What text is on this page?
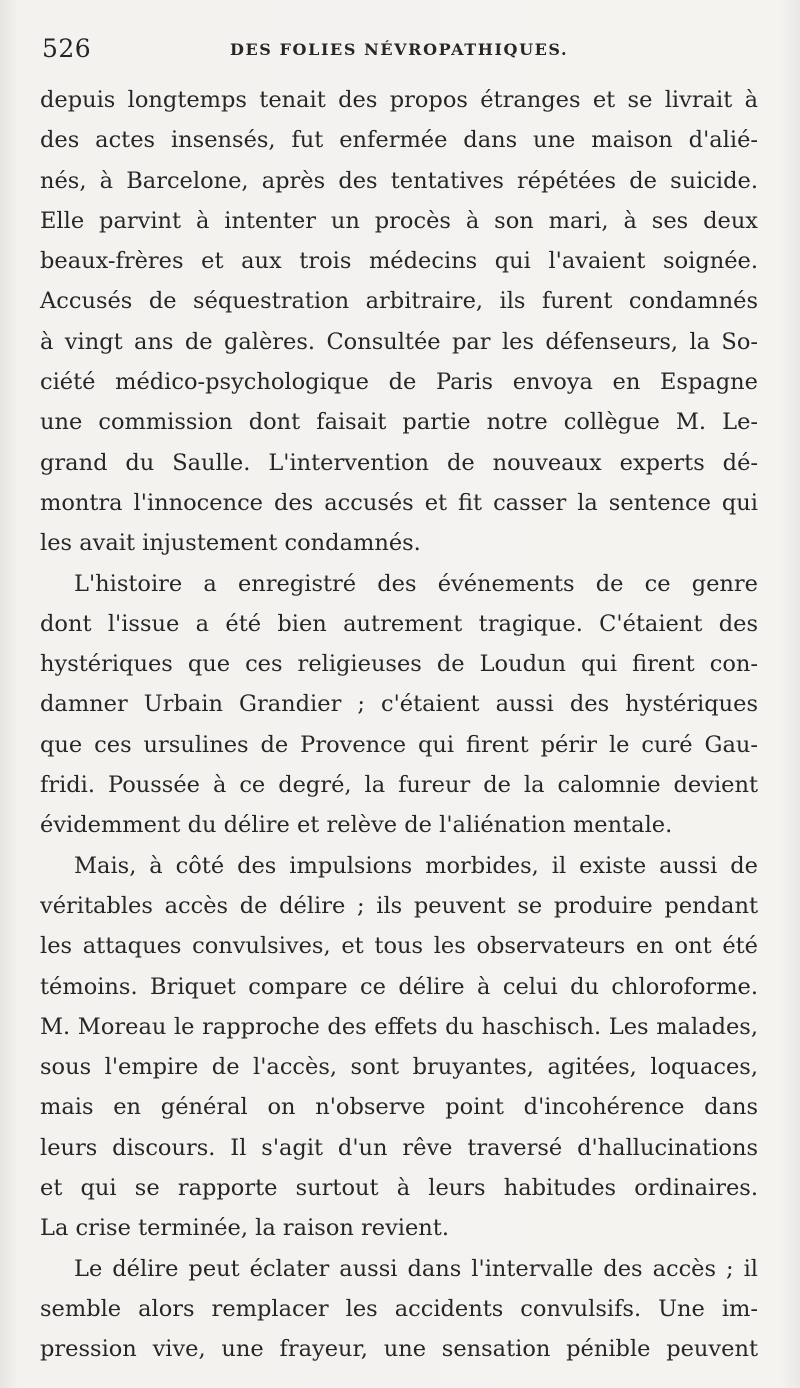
526	DES FOLIES NÉVROPATHIQUES.
depuis longtemps tenait des propos étranges et se livrait à
des actes insensés, fut enfermée dans une maison d'alié-
nés, à Barcelone, après des tentatives répétées de suicide.
Elle parvint à intenter un procès à son mari, à ses deux
beaux-frères et aux trois médecins qui l'avaient soignée.
Accusés de séquestration arbitraire, ils furent condamnés
à vingt ans de galères. Consultée par les défenseurs, la So-
ciété médico-psychologique de Paris envoya en Espagne
une commission dont faisait partie notre collègue M. Le-
grand du Saulle. L'intervention de nouveaux experts dé-
montra l'innocence des accusés et fit casser la sentence qui
les avait injustement condamnés.
L'histoire a enregistré des événements de ce genre
dont l'issue a été bien autrement tragique. C'étaient des
hystériques que ces religieuses de Loudun qui firent con-
damner Urbain Grandier ; c'étaient aussi des hystériques
que ces ursulines de Provence qui firent périr le curé Gau-
fridi. Poussée à ce degré, la fureur de la calomnie devient
évidemment du délire et relève de l'aliénation mentale.
Mais, à côté des impulsions morbides, il existe aussi de
véritables accès de délire ; ils peuvent se produire pendant
les attaques convulsives, et tous les observateurs en ont été
témoins. Briquet compare ce délire à celui du chloroforme.
M. Moreau le rapproche des effets du haschisch. Les malades,
sous l'empire de l'accès, sont bruyantes, agitées, loquaces,
mais en général on n'observe point d'incohérence dans
leurs discours. Il s'agit d'un rêve traversé d'hallucinations
et qui se rapporte surtout à leurs habitudes ordinaires.
La crise terminée, la raison revient.
Le délire peut éclater aussi dans l'intervalle des accès ; il
semble alors remplacer les accidents convulsifs. Une im-
pression vive, une frayeur, une sensation pénible peuvent
